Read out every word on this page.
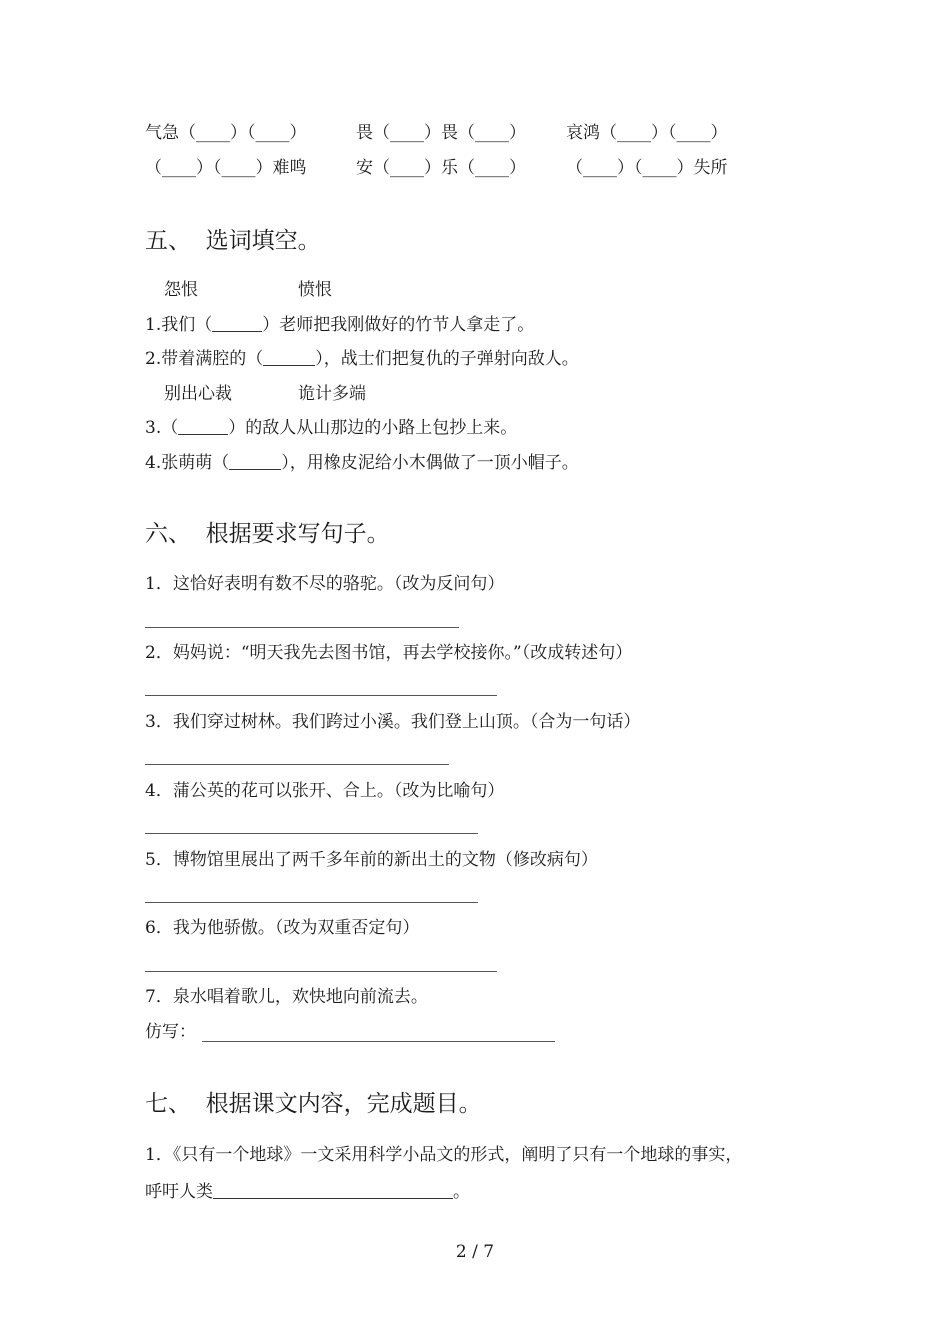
气急（____）（____）	畏（____）畏（____） 哀鸿（____）（____）
（____）（____）难鸣	安（____）乐（____） （____）（____）失所
五、  选词填空。
怨恨	愤恨
1.我们（	）老师把我刚做好的竹节人拿走了。
2.带着满腔的（	），战士们把复仇的子弹射向敌人。
别出心裁	诡计多端
3.（	）的敌人从山那边的小路上包抄上来。
4.张萌萌（	），用橡皮泥给小木偶做了一顶小帽子。
六、  根据要求写句子。
1．这恰好表明有数不尽的骆驼。（改为反问句）
2．妈妈说：“明天我先去图书馆，再去学校接你。”（改成转述句）
3．我们穿过树林。我们跨过小溪。我们登上山顶。（合为一句话）
4．蒲公英的花可以张开、合上。（改为比喻句）
5．博物馆里展出了两千多年前的新出土的文物（修改病句）
6．我为他骄傲。（改为双重否定句）
7．泉水唱着歌儿，欢快地向前流去。
仿写：
七、  根据课文内容，完成题目。
1．《只有一个地球》一文采用科学小品文的形式，阐明了只有一个地球的事实，
呼吁人类	。
2 / 7
